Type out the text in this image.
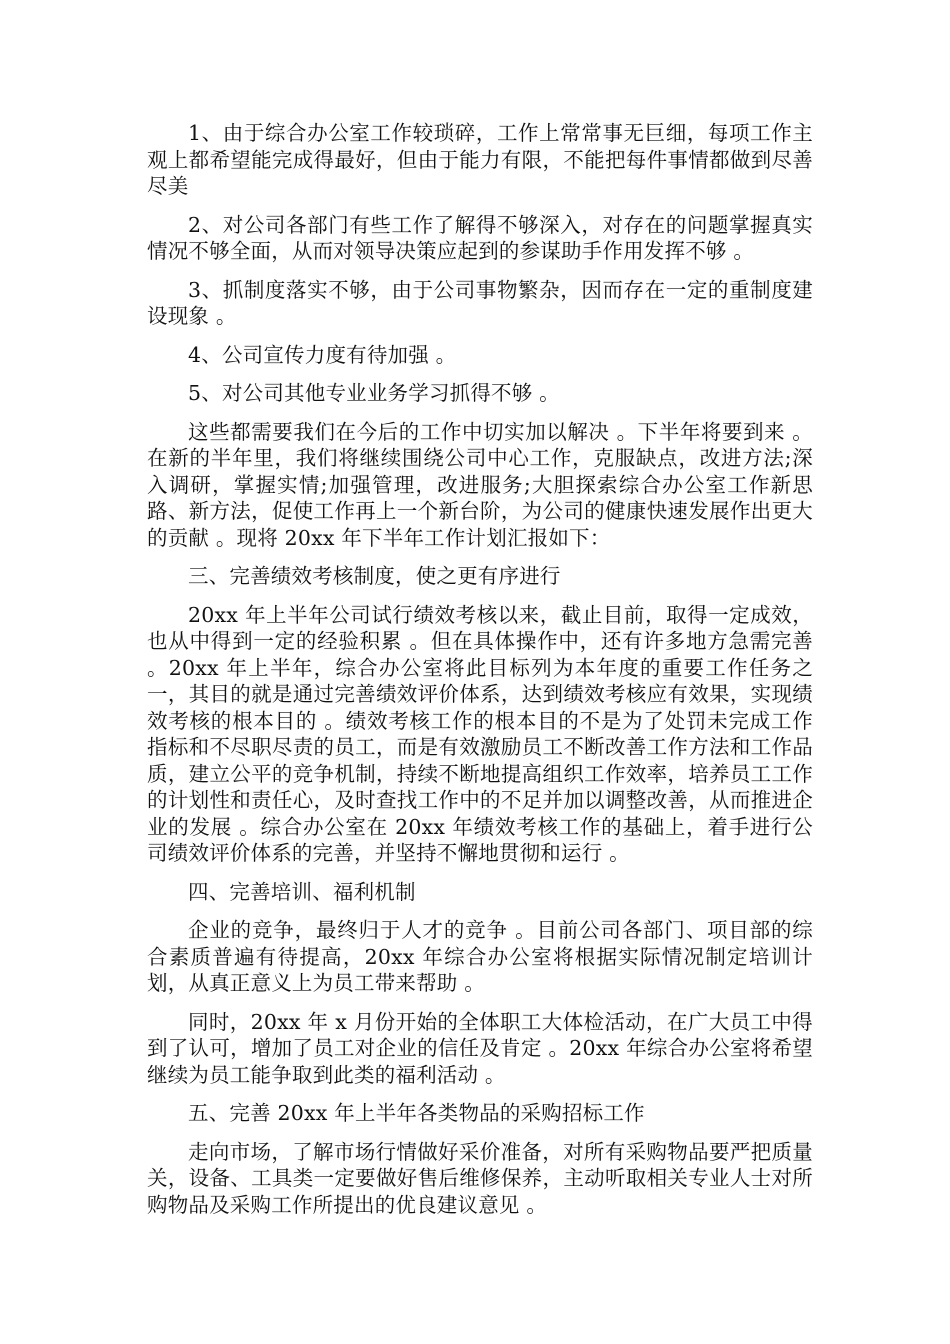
1、由于综合办公室工作较琐碎，工作上常常事无巨细，每项工作主观上都希望能完成得最好，但由于能力有限，不能把每件事情都做到尽善尽美

2、对公司各部门有些工作了解得不够深入，对存在的问题掌握真实情况不够全面，从而对领导决策应起到的参谋助手作用发挥不够 。

3、抓制度落实不够，由于公司事物繁杂，因而存在一定的重制度建设现象 。

4、公司宣传力度有待加强 。

5、对公司其他专业业务学习抓得不够 。

这些都需要我们在今后的工作中切实加以解决 。下半年将要到来 。在新的半年里，我们将继续围绕公司中心工作，克服缺点，改进方法;深入调研，掌握实情;加强管理，改进服务;大胆探索综合办公室工作新思路、新方法，促使工作再上一个新台阶，为公司的健康快速发展作出更大的贡献 。现将 20xx 年下半年工作计划汇报如下：

三、完善绩效考核制度，使之更有序进行

20xx 年上半年公司试行绩效考核以来，截止目前，取得一定成效，也从中得到一定的经验积累 。但在具体操作中，还有许多地方急需完善 。20xx 年上半年，综合办公室将此目标列为本年度的重要工作任务之一，其目的就是通过完善绩效评价体系，达到绩效考核应有效果，实现绩效考核的根本目的 。绩效考核工作的根本目的不是为了处罚未完成工作指标和不尽职尽责的员工，而是有效激励员工不断改善工作方法和工作品质，建立公平的竞争机制，持续不断地提高组织工作效率，培养员工工作的计划性和责任心，及时查找工作中的不足并加以调整改善，从而推进企业的发展 。综合办公室在 20xx 年绩效考核工作的基础上，着手进行公司绩效评价体系的完善，并坚持不懈地贯彻和运行 。

四、完善培训、福利机制

企业的竞争，最终归于人才的竞争 。目前公司各部门、项目部的综合素质普遍有待提高，20xx 年综合办公室将根据实际情况制定培训计划，从真正意义上为员工带来帮助 。

同时，20xx 年 x 月份开始的全体职工大体检活动，在广大员工中得到了认可，增加了员工对企业的信任及肯定 。20xx 年综合办公室将希望继续为员工能争取到此类的福利活动 。

五、完善 20xx 年上半年各类物品的采购招标工作

走向市场，了解市场行情做好采价准备，对所有采购物品要严把质量关，设备、工具类一定要做好售后维修保养，主动听取相关专业人士对所购物品及采购工作所提出的优良建议意见 。
